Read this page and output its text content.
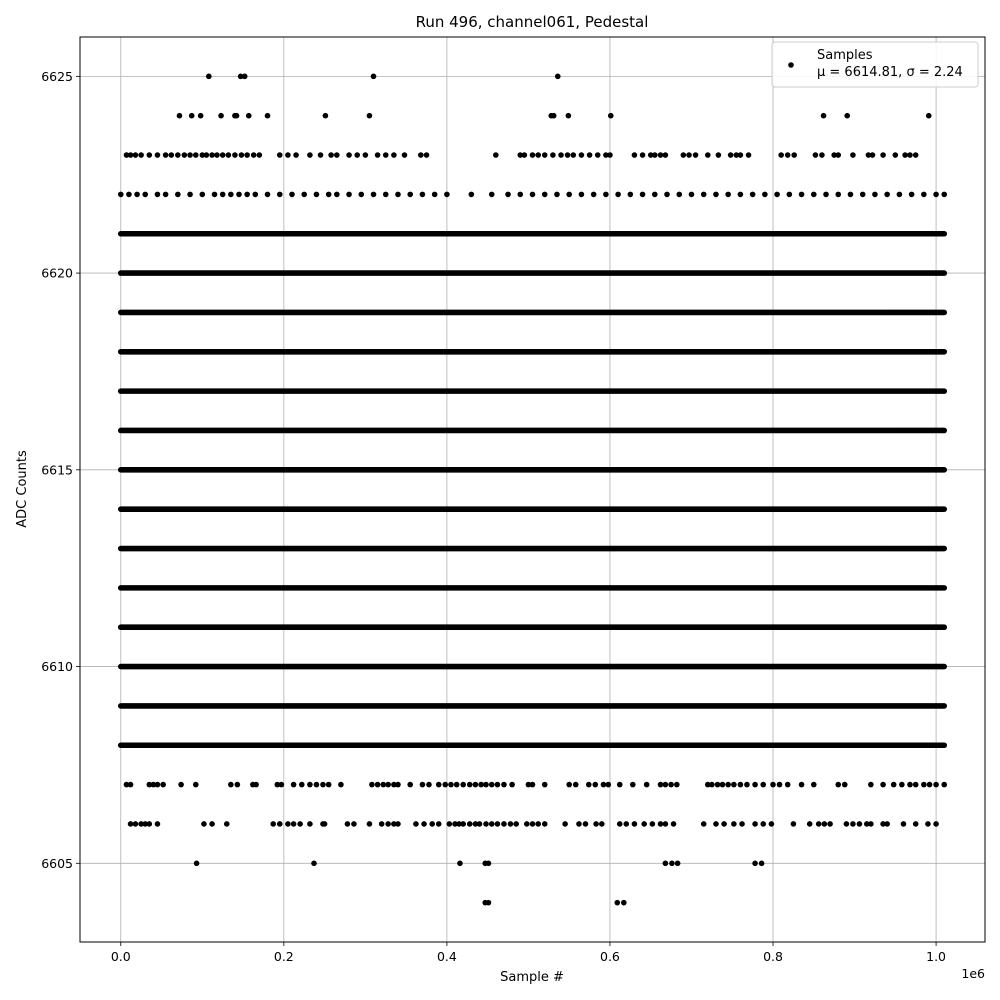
Run 496, channel061, Pedestal
0.0	0.2	0.4	0.6	0.8	1.0
6605
6610
6615
6620
6625
Sample #
ADC Counts
1e6
Samples
μ = 6614.81, σ = 2.24
